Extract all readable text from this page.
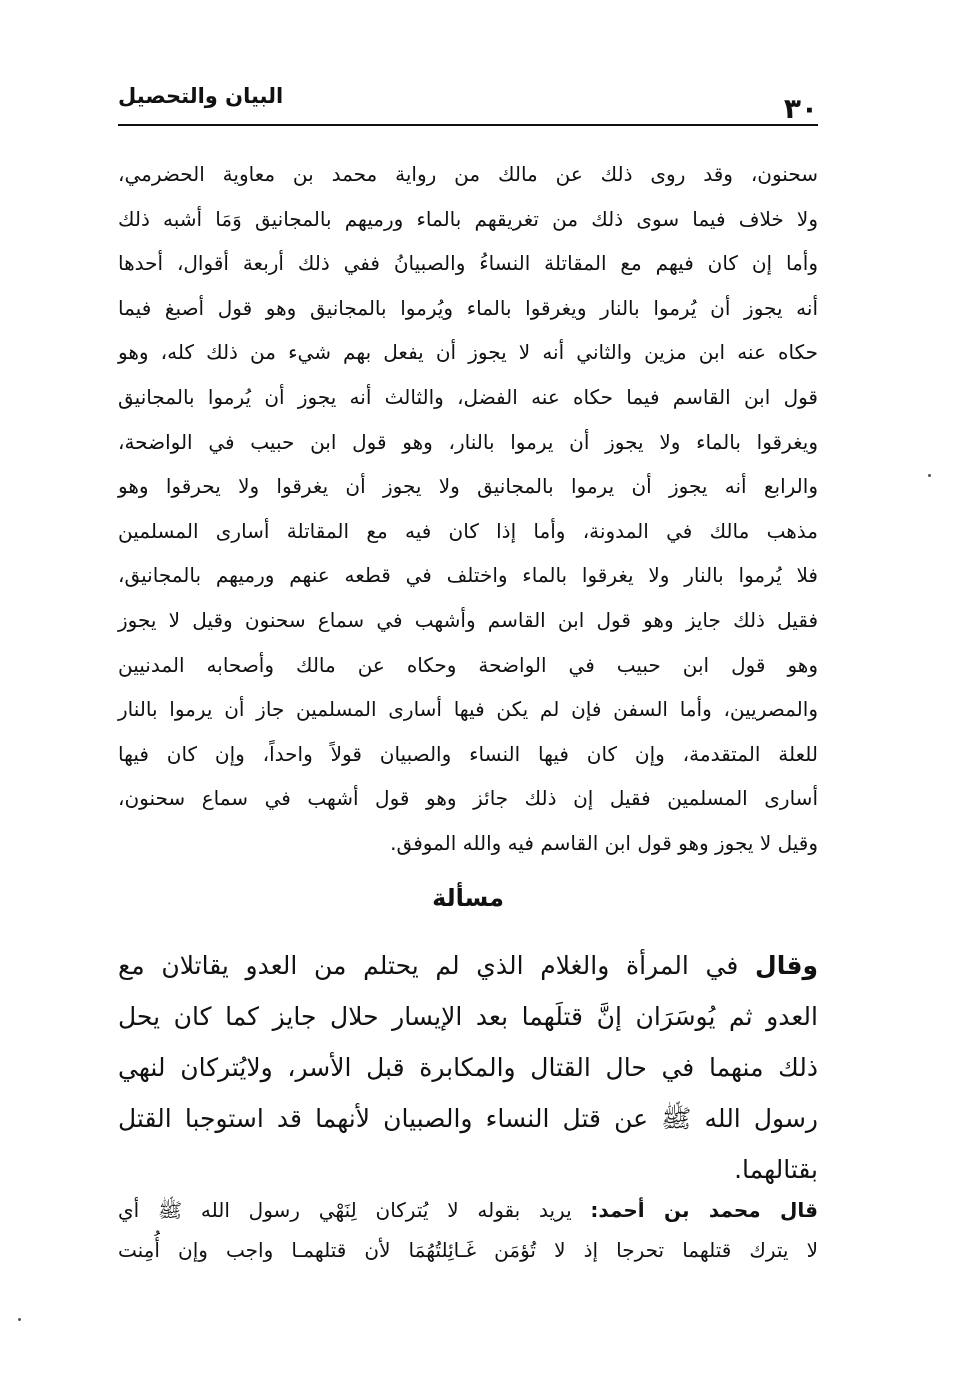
٣٠
البيان والتحصيل
سحنون، وقد روى ذلك عن مالك من رواية محمد بن معاوية الحضرمي،
ولا خلاف فيما سوى ذلك من تغريقهم بالماء ورميهم بالمجانيق وَمَا أشبه ذلك
وأما إن كان فيهم مع المقاتلة النساءُ والصبيانُ ففي ذلك أربعة أقوال، أحدها
أنه يجوز أن يُرموا بالنار ويغرقوا بالماء ويُرموا بالمجانيق وهو قول أصبغ فيما
حكاه عنه ابن مزين والثاني أنه لا يجوز أن يفعل بهم شيء من ذلك كله، وهو
قول ابن القاسم فيما حكاه عنه الفضل، والثالث أنه يجوز أن يُرموا بالمجانيق
ويغرقوا بالماء ولا يجوز أن يرموا بالنار، وهو قول ابن حبيب في الواضحة،
والرابع أنه يجوز أن يرموا بالمجانيق ولا يجوز أن يغرقوا ولا يحرقوا وهو
مذهب مالك في المدونة، وأما إذا كان فيه مع المقاتلة أسارى المسلمين
فلا يُرموا بالنار ولا يغرقوا بالماء واختلف في قطعه عنهم ورميهم بالمجانيق،
فقيل ذلك جايز وهو قول ابن القاسم وأشهب في سماع سحنون وقيل لا يجوز
وهو قول ابن حبيب في الواضحة وحكاه عن مالك وأصحابه المدنيين
والمصريين، وأما السفن فإن لم يكن فيها أسارى المسلمين جاز أن يرموا بالنار
للعلة المتقدمة، وإن كان فيها النساء والصبيان قولاً واحداً، وإن كان فيها
أسارى المسلمين فقيل إن ذلك جائز وهو قول أشهب في سماع سحنون،
وقيل لا يجوز وهو قول ابن القاسم فيه والله الموفق.
مسألة
وقال في المرأة والغلام الذي لم يحتلم من العدو يقاتلان مع
العدو ثم يُوسَرَان إنَّ قتلَهما بعد الإيسار حلال جايز كما كان يحل
ذلك منهما في حال القتال والمكابرة قبل الأسر، ولايُتركان لنهي
رسول الله ﷺ عن قتل النساء والصبيان لأنهما قد استوجبا القتل
بقتالهما.
قال محمد بن أحمد: يريد بقوله لا يُتركان لِنَهْي رسول الله ﷺ أي
لا يترك قتلهما تحرجا إذ لا تُؤمَن غَـائِلتُهُمَا لأن قتلهمـا واجب وإن أُمِنت
